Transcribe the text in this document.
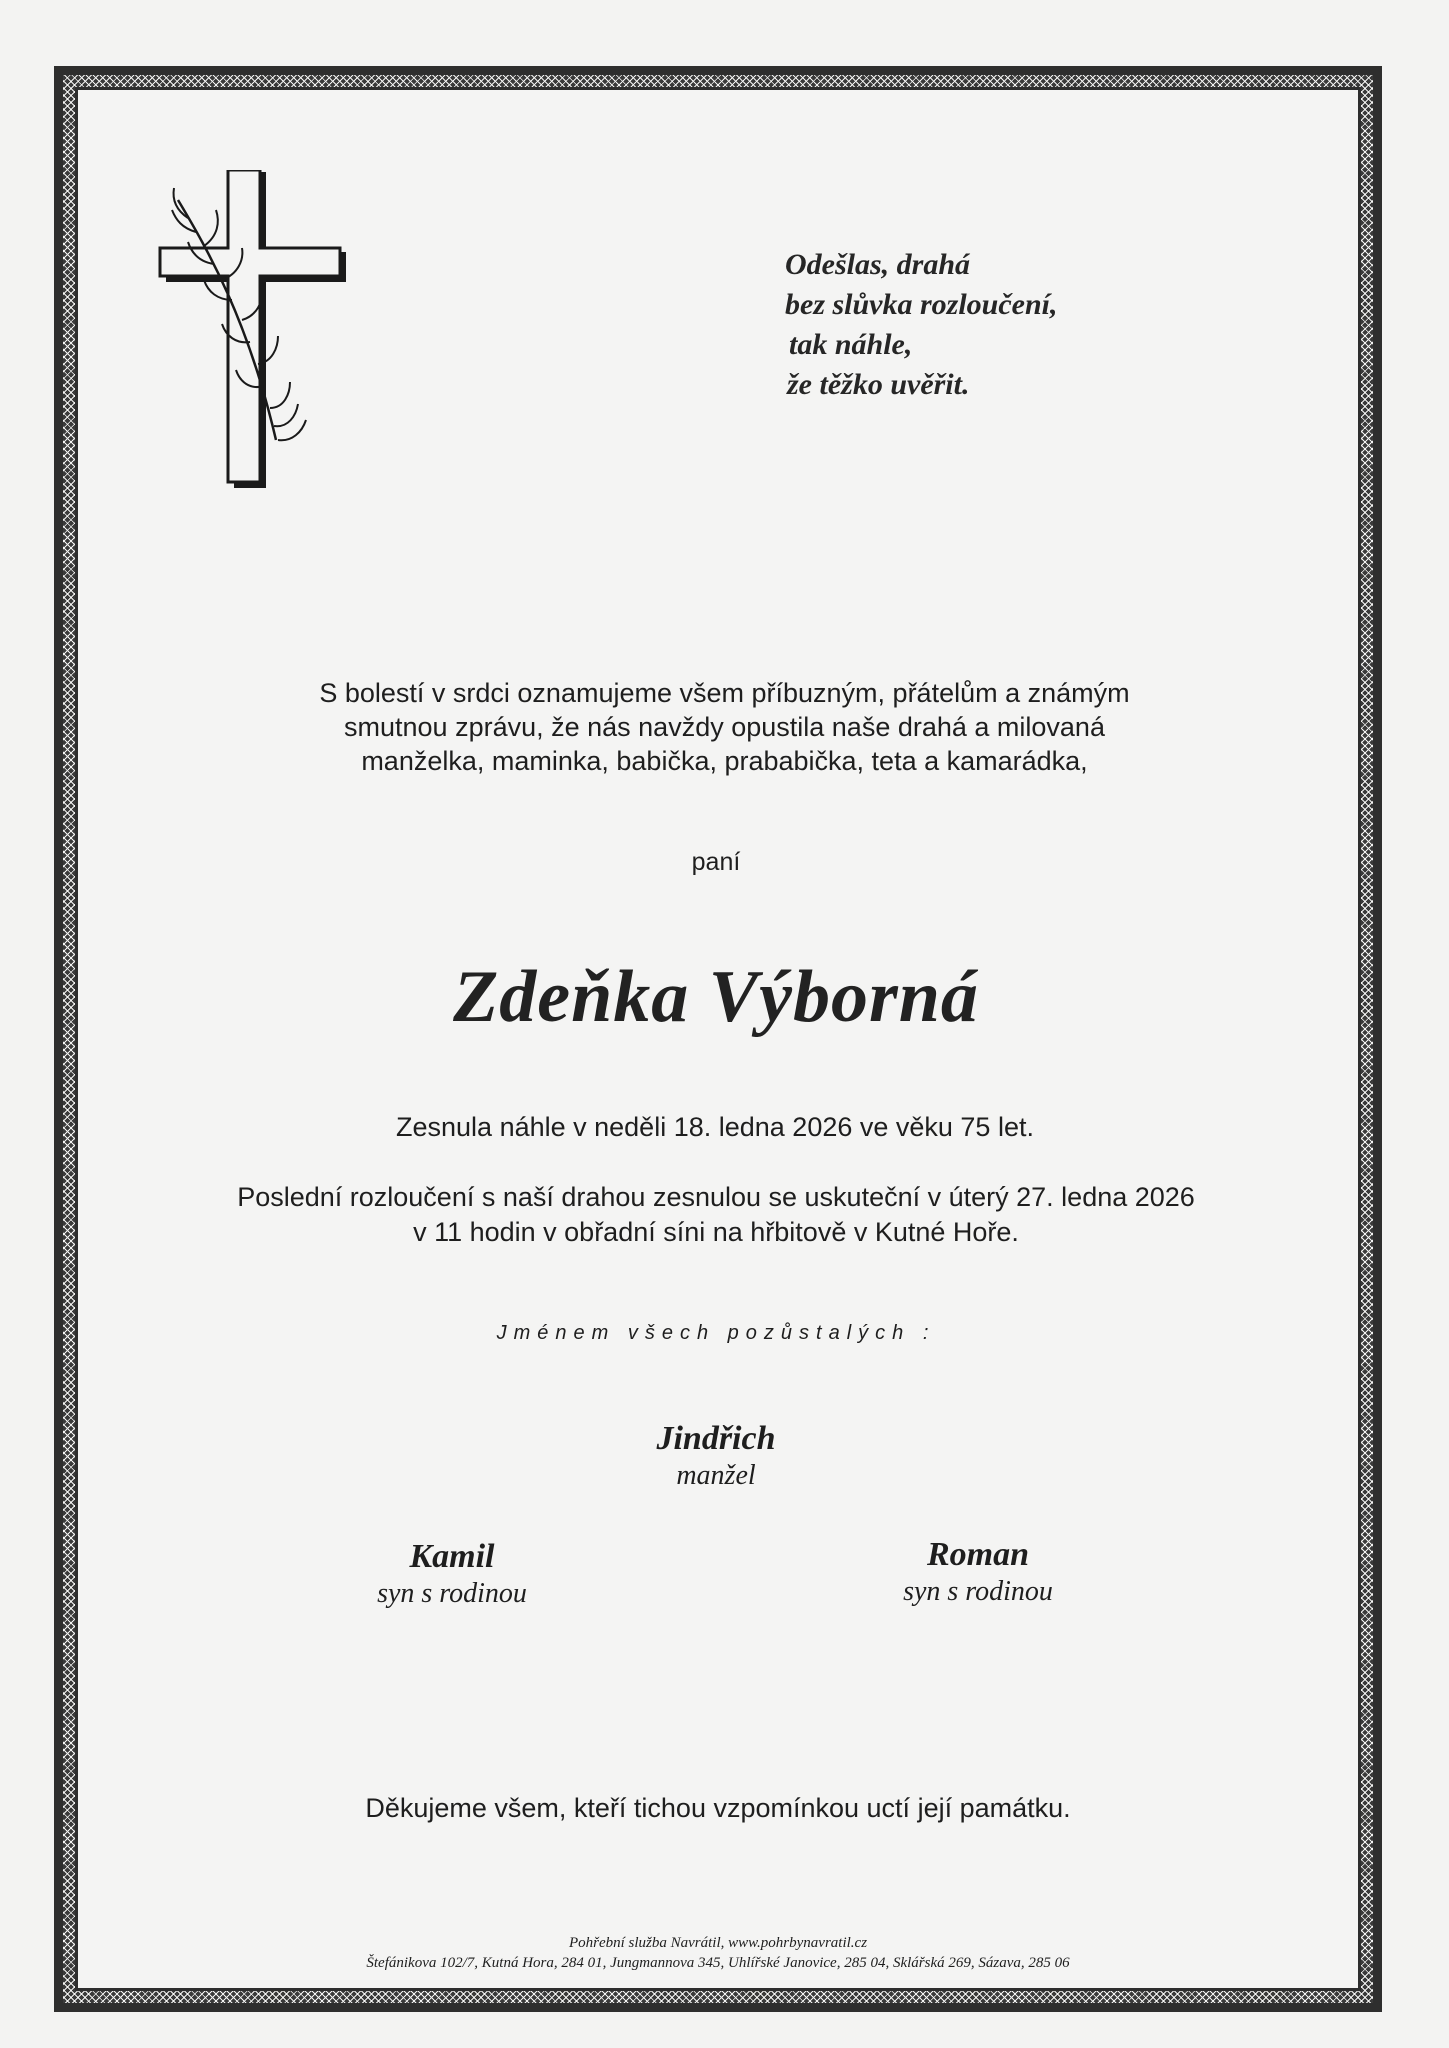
Odešlas, drahá
bez slůvka rozloučení,
tak náhle,
že těžko uvěřit.
S bolestí v srdci oznamujeme všem příbuzným, přátelům a známým
smutnou zprávu, že nás navždy opustila naše drahá a milovaná
manželka, maminka, babička, prababička, teta a kamarádka,
paní
Zdeňka Výborná
Zesnula náhle v neděli 18. ledna 2026 ve věku 75 let.
Poslední rozloučení s naší drahou zesnulou se uskuteční v úterý 27. ledna 2026
v 11 hodin v obřadní síni na hřbitově v Kutné Hoře.
Jménem všech pozůstalých :
Jindřich
manžel
Kamil
syn s rodinou
Roman
syn s rodinou
Děkujeme všem, kteří tichou vzpomínkou uctí její památku.
Pohřební služba Navrátil, www.pohrbynavratil.cz
Štefánikova 102/7, Kutná Hora, 284 01, Jungmannova 345, Uhlířské Janovice, 285 04, Sklářská 269, Sázava, 285 06
